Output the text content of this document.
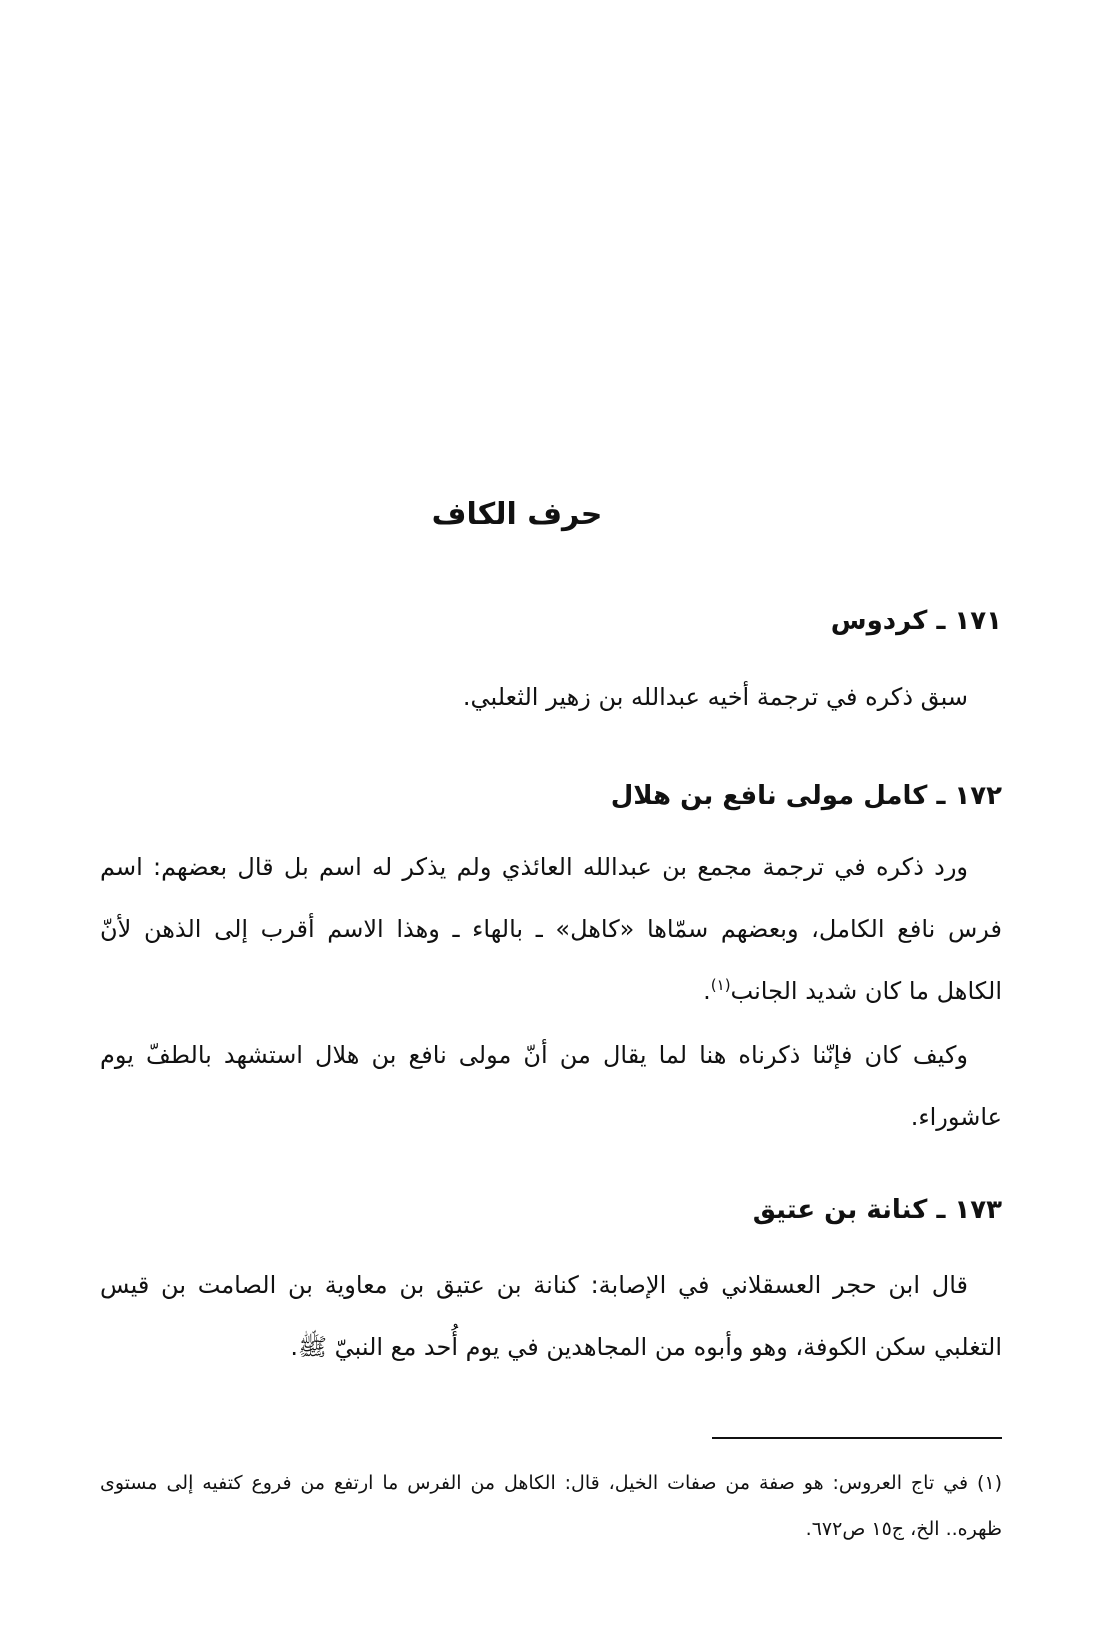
حرف الكاف
١٧١ ـ كردوس
سبق ذكره في ترجمة أخيه عبدالله بن زهير الثعلبي.
١٧٢ ـ كامل مولى نافع بن هلال
ورد ذكره في ترجمة مجمع بن عبدالله العائذي ولم يذكر له اسم بل قال بعضهم: اسم فرس نافع الكامل، وبعضهم سمّاها «كاهل» ـ بالهاء ـ وهذا الاسم أقرب إلى الذهن لأنّ الكاهل ما كان شديد الجانب$^{(١)}$.
وكيف كان فإنّنا ذكرناه هنا لما يقال من أنّ مولى نافع بن هلال استشهد بالطفّ يوم عاشوراء.
١٧٣ ـ كنانة بن عتيق
قال ابن حجر العسقلاني في الإصابة: كنانة بن عتيق بن معاوية بن الصامت بن قيس التغلبي سكن الكوفة، وهو وأبوه من المجاهدين في يوم أُحد مع النبيّ ﷺ.
(١) في تاج العروس: هو صفة من صفات الخيل، قال: الكاهل من الفرس ما ارتفع من فروع كتفيه إلى مستوى ظهره.. الخ، ج١٥ ص٦٧٢.
